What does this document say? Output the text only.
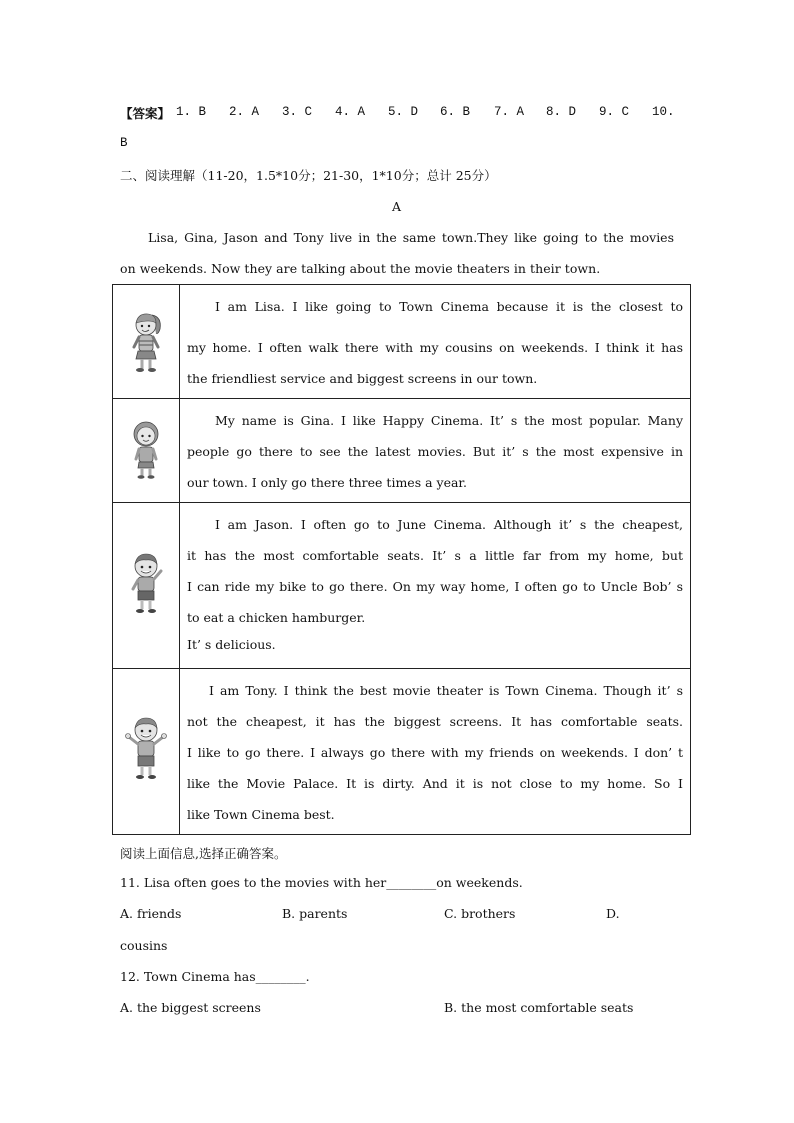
【答案】 1. B 2. A 3. C 4. A 5. D 6. B 7. A 8. D 9. C 10.
B
二、阅读理解（11-20，1.5*10分；21-30，1*10分；总计 25分）
A
Lisa, Gina, Jason and Tony live in the same town.They like going to the movies
on weekends. Now they are talking about the movie theaters in their town.

I am Lisa. I like going to Town Cinema because it is the closest to
my home. I often walk there with my cousins on weekends. I think it has
the friendliest service and biggest screens in our town.

My name is Gina. I like Happy Cinema. It’ s the most popular. Many
people go there to see the latest movies. But it’ s the most expensive in
our town. I only go there three times a year.

I am Jason. I often go to June Cinema. Although it’ s the cheapest,
it has the most comfortable seats. It’ s a little far from my home, but
I can ride my bike to go there. On my way home, I often go to Uncle Bob’ s
to eat a chicken hamburger.
It’ s delicious.

I am Tony. I think the best movie theater is Town Cinema. Though it’ s
not the cheapest, it has the biggest screens. It has comfortable seats.
I like to go there. I always go there with my friends on weekends. I don’ t
like the Movie Palace. It is dirty. And it is not close to my home. So I
like Town Cinema best.
阅读上面信息,选择正确答案。
11. Lisa often goes to the movies with her________on weekends.
A. friends	B. parents	C. brothers	D.
cousins
12. Town Cinema has________.
A. the biggest screens	B. the most comfortable seats
